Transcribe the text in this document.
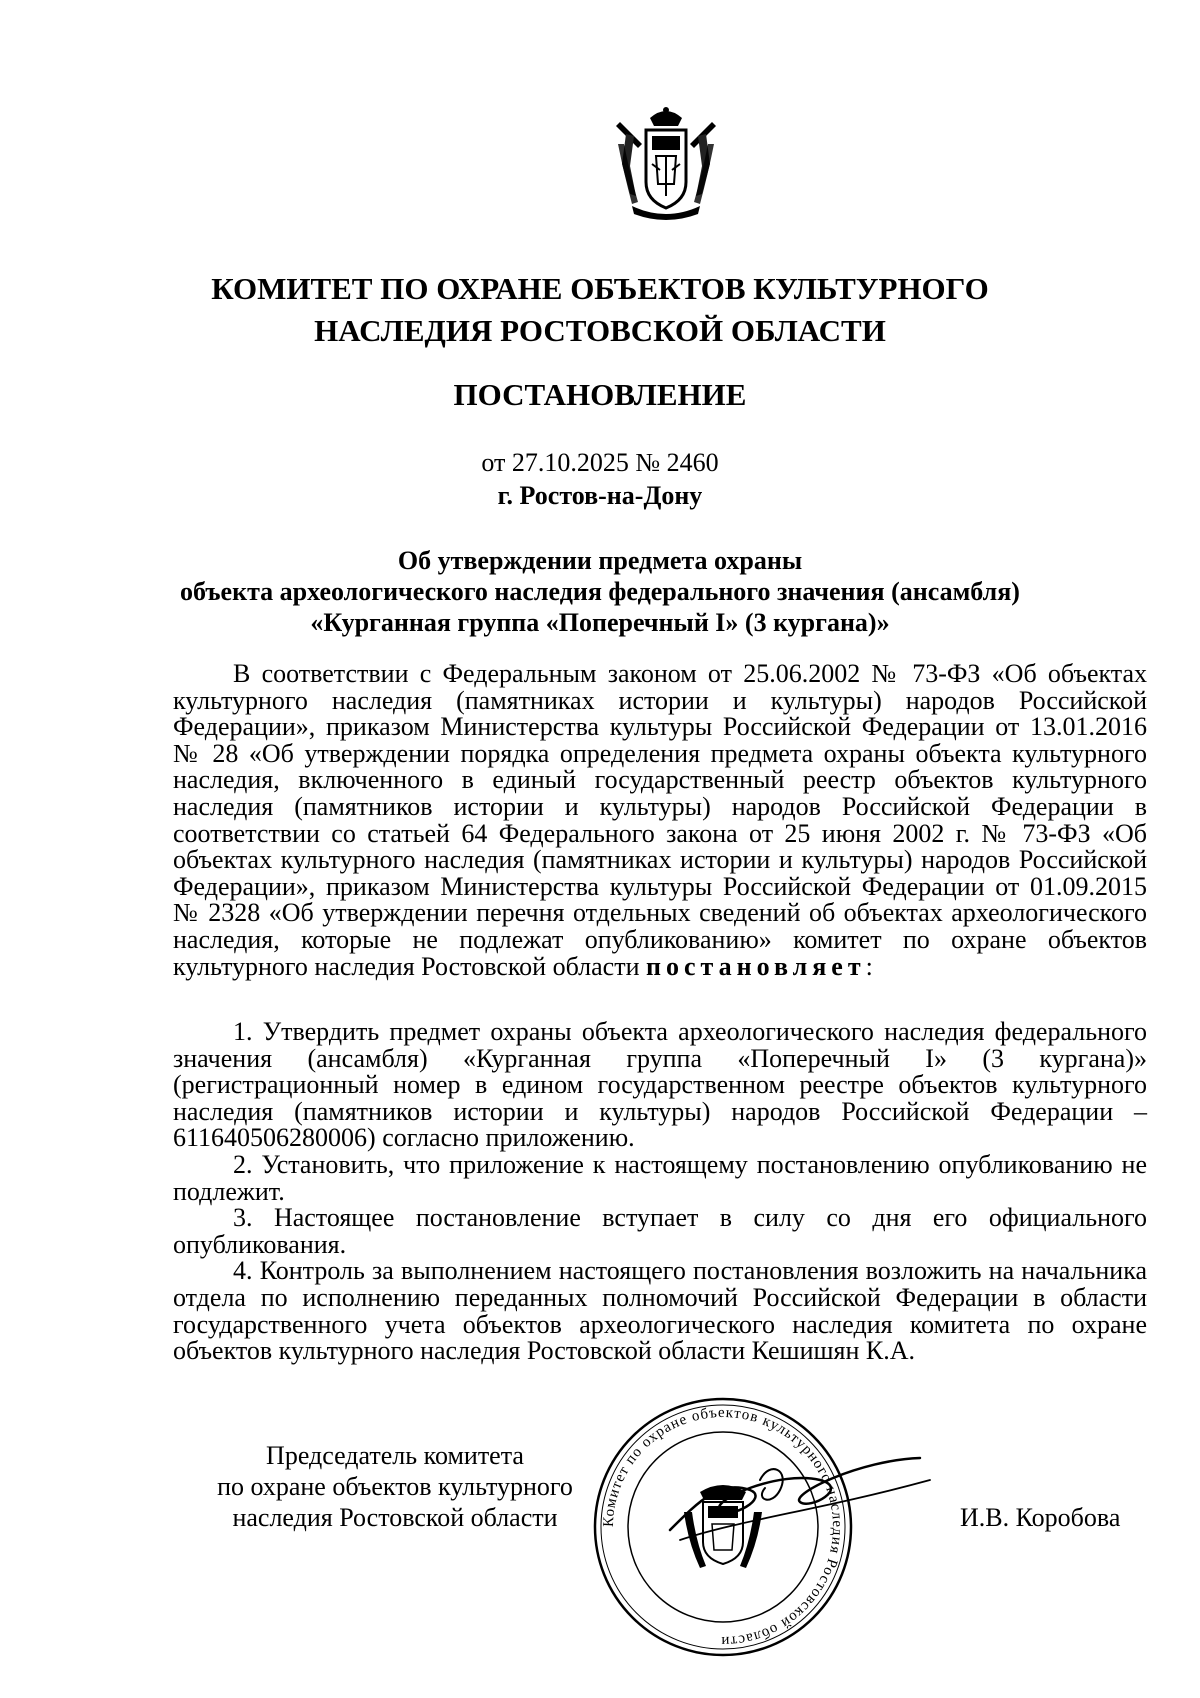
КОМИТЕТ ПО ОХРАНЕ ОБЪЕКТОВ КУЛЬТУРНОГО
НАСЛЕДИЯ РОСТОВСКОЙ ОБЛАСТИ
ПОСТАНОВЛЕНИЕ
от 27.10.2025 № 2460
г. Ростов-на-Дону
Об утверждении предмета охраны
объекта археологического наследия федерального значения (ансамбля)
«Курганная группа «Поперечный I» (3 кургана)»

В соответствии с Федеральным законом от 25.06.2002 № 73-ФЗ «Об объектах культурного наследия (памятниках истории и культуры) народов Российской Федерации», приказом Министерства культуры Российской Федерации от 13.01.2016 № 28 «Об утверждении порядка определения предмета охраны объекта культурного наследия, включенного в единый государственный реестр объектов культурного наследия (памятников истории и культуры) народов Российской Федерации в соответствии со статьей 64 Федерального закона от 25 июня 2002 г. № 73-ФЗ «Об объектах культурного наследия (памятниках истории и культуры) народов Российской Федерации», приказом Министерства культуры Российской Федерации от 01.09.2015 № 2328 «Об утверждении перечня отдельных сведений об объектах археологического наследия, которые не подлежат опубликованию» комитет по охране объектов культурного наследия Ростовской области постановляет:

1. Утвердить предмет охраны объекта археологического наследия федерального значения (ансамбля) «Курганная группа «Поперечный I» (3 кургана)» (регистрационный номер в едином государственном реестре объектов культурного наследия (памятников истории и культуры) народов Российской Федерации – 611640506280006) согласно приложению.

2. Установить, что приложение к настоящему постановлению опубликованию не подлежит.

3. Настоящее постановление вступает в силу со дня его официального опубликования.

4. Контроль за выполнением настоящего постановления возложить на начальника отдела по исполнению переданных полномочий Российской Федерации в области государственного учета объектов археологического наследия комитета по охране объектов культурного наследия Ростовской области Кешишян К.А.

Комитет по охране объектов культурного наследия Ростовской области
Председатель комитета
по охране объектов культурного
наследия Ростовской области	И.В. Коробова
